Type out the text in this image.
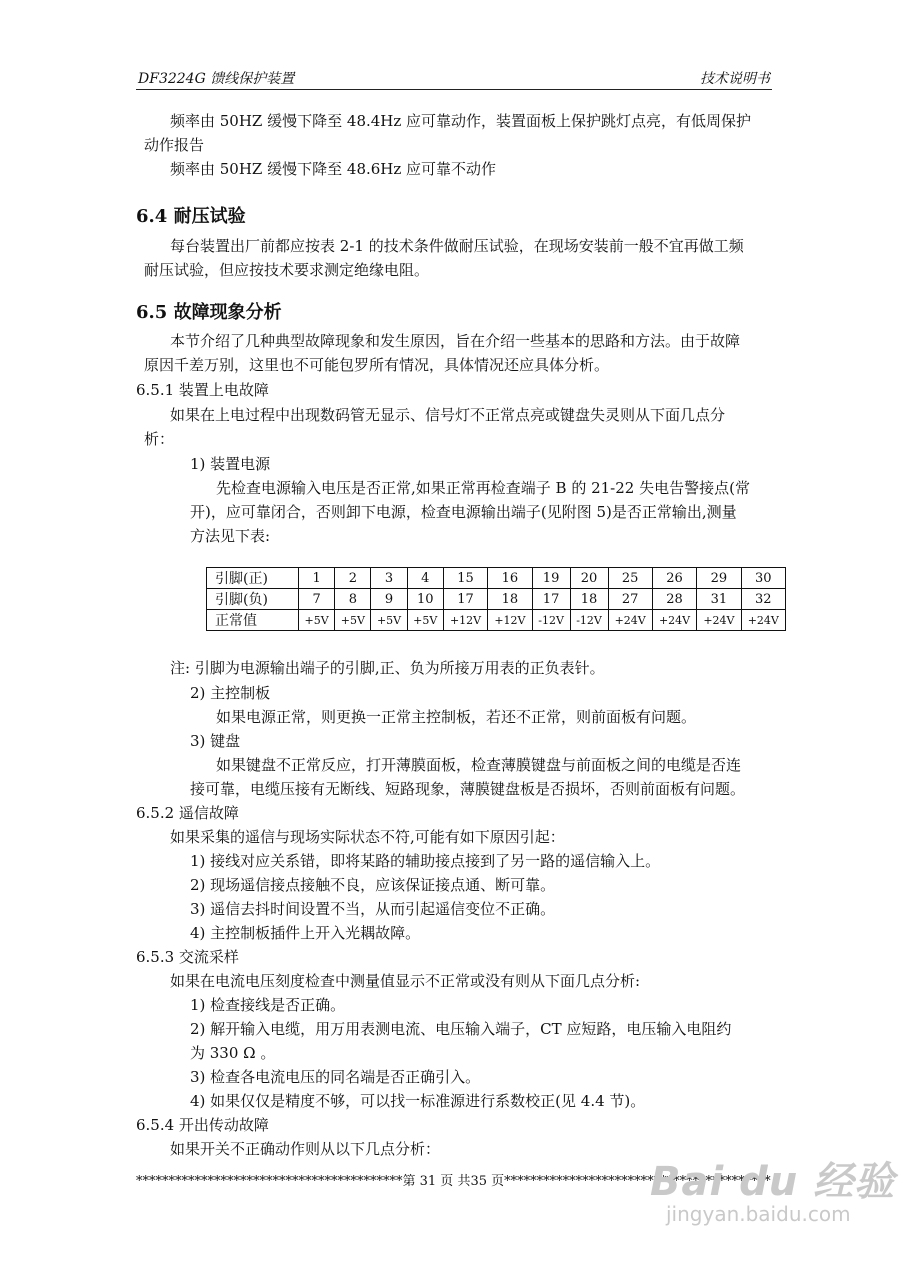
DF3224G 馈线保护装置	技术说明书
频率由 50HZ 缓慢下降至 48.4Hz 应可靠动作，装置面板上保护跳灯点亮，有低周保护
动作报告
频率由 50HZ 缓慢下降至 48.6Hz 应可靠不动作
6.4 耐压试验
每台装置出厂前都应按表 2-1 的技术条件做耐压试验，在现场安装前一般不宜再做工频
耐压试验，但应按技术要求测定绝缘电阻。
6.5 故障现象分析
本节介绍了几种典型故障现象和发生原因，旨在介绍一些基本的思路和方法。由于故障
原因千差万别，这里也不可能包罗所有情况，具体情况还应具体分析。
6.5.1 装置上电故障
如果在上电过程中出现数码管无显示、信号灯不正常点亮或键盘失灵则从下面几点分
析：
1) 装置电源
先检查电源输入电压是否正常,如果正常再检查端子 B 的 21-22 失电告警接点(常
开)，应可靠闭合，否则卸下电源，检查电源输出端子(见附图 5)是否正常输出,测量
方法见下表:
引脚(正)	1	2	3	4	15	16	19	20	25	26	29	30
引脚(负)	7	8	9	10	17	18	17	18	27	28	31	32
正常值	+5V	+5V	+5V	+5V	+12V	+12V	-12V	-12V	+24V	+24V	+24V	+24V
注: 引脚为电源输出端子的引脚,正、负为所接万用表的正负表针。
2) 主控制板
如果电源正常，则更换一正常主控制板，若还不正常，则前面板有问题。
3) 键盘
如果键盘不正常反应，打开薄膜面板，检查薄膜键盘与前面板之间的电缆是否连
接可靠，电缆压接有无断线、短路现象，薄膜键盘板是否损坏，否则前面板有问题。
6.5.2 遥信故障
如果采集的遥信与现场实际状态不符,可能有如下原因引起：
1) 接线对应关系错，即将某路的辅助接点接到了另一路的遥信输入上。
2) 现场遥信接点接触不良，应该保证接点通、断可靠。
3) 遥信去抖时间设置不当，从而引起遥信变位不正确。
4) 主控制板插件上开入光耦故障。
6.5.3 交流采样
如果在电流电压刻度检查中测量值显示不正常或没有则从下面几点分析:
1) 检查接线是否正确。
2) 解开输入电缆，用万用表测电流、电压输入端子，CT 应短路，电压输入电阻约
为 330 Ω 。
3) 检查各电流电压的同名端是否正确引入。
4) 如果仅仅是精度不够，可以找一标准源进行系数校正(见 4.4 节)。
6.5.4 开出传动故障
如果开关不正确动作则从以下几点分析：
*****************************************第 31 页 共35 页*****************************************
Bai du 经验
jingyan.baidu.com
